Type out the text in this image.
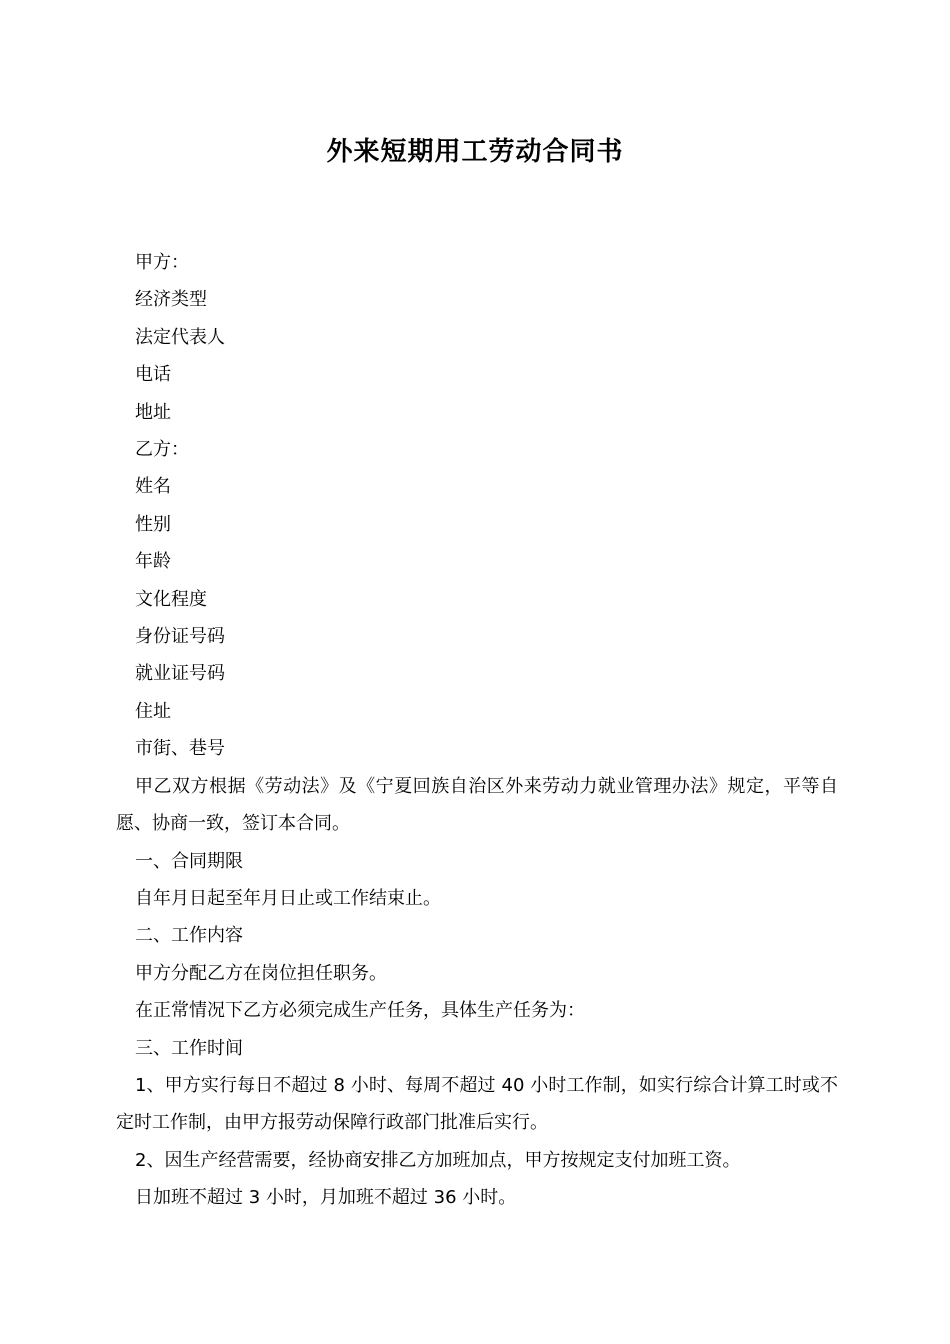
外来短期用工劳动合同书

甲方：

经济类型

法定代表人

电话

地址

乙方：

姓名

性别

年龄

文化程度

身份证号码

就业证号码

住址

市街、巷号

甲乙双方根据《劳动法》及《宁夏回族自治区外来劳动力就业管理办法》规定，平等自愿、协商一致，签订本合同。

一、合同期限

自年月日起至年月日止或工作结束止。

二、工作内容

甲方分配乙方在岗位担任职务。

在正常情况下乙方必须完成生产任务，具体生产任务为：

三、工作时间

1、甲方实行每日不超过 8 小时、每周不超过 40 小时工作制，如实行综合计算工时或不定时工作制，由甲方报劳动保障行政部门批准后实行。

2、因生产经营需要，经协商安排乙方加班加点，甲方按规定支付加班工资。

日加班不超过 3 小时，月加班不超过 36 小时。
